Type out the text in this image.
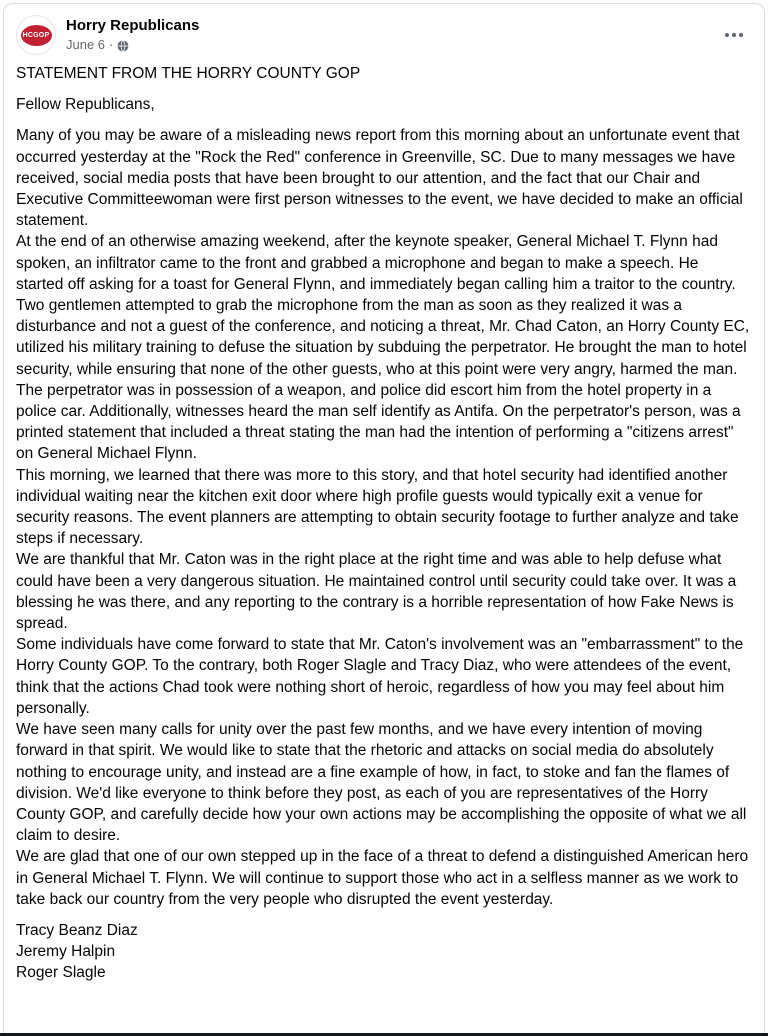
HCGOP
Horry Republicans
June 6 ·
STATEMENT FROM THE HORRY COUNTY GOP
Fellow Republicans,
Many of you may be aware of a misleading news report from this morning about an unfortunate event that occurred yesterday at the "Rock the Red" conference in Greenville, SC. Due to many messages we have received, social media posts that have been brought to our attention, and the fact that our Chair and Executive Committeewoman were first person witnesses to the event, we have decided to make an official statement.
At the end of an otherwise amazing weekend, after the keynote speaker, General Michael T. Flynn had spoken, an infiltrator came to the front and grabbed a microphone and began to make a speech. He started off asking for a toast for General Flynn, and immediately began calling him a traitor to the country. Two gentlemen attempted to grab the microphone from the man as soon as they realized it was a disturbance and not a guest of the conference, and noticing a threat, Mr. Chad Caton, an Horry County EC, utilized his military training to defuse the situation by subduing the perpetrator. He brought the man to hotel security, while ensuring that none of the other guests, who at this point were very angry, harmed the man. The perpetrator was in possession of a weapon, and police did escort him from the hotel property in a police car. Additionally, witnesses heard the man self identify as Antifa. On the perpetrator's person, was a printed statement that included a threat stating the man had the intention of performing a "citizens arrest" on General Michael Flynn.
This morning, we learned that there was more to this story, and that hotel security had identified another individual waiting near the kitchen exit door where high profile guests would typically exit a venue for security reasons. The event planners are attempting to obtain security footage to further analyze and take steps if necessary.
We are thankful that Mr. Caton was in the right place at the right time and was able to help defuse what could have been a very dangerous situation. He maintained control until security could take over. It was a blessing he was there, and any reporting to the contrary is a horrible representation of how Fake News is spread.
Some individuals have come forward to state that Mr. Caton's involvement was an "embarrassment" to the Horry County GOP. To the contrary, both Roger Slagle and Tracy Diaz, who were attendees of the event, think that the actions Chad took were nothing short of heroic, regardless of how you may feel about him personally.
We have seen many calls for unity over the past few months, and we have every intention of moving forward in that spirit. We would like to state that the rhetoric and attacks on social media do absolutely nothing to encourage unity, and instead are a fine example of how, in fact, to stoke and fan the flames of division. We'd like everyone to think before they post, as each of you are representatives of the Horry County GOP, and carefully decide how your own actions may be accomplishing the opposite of what we all claim to desire.
We are glad that one of our own stepped up in the face of a threat to defend a distinguished American hero in General Michael T. Flynn. We will continue to support those who act in a selfless manner as we work to take back our country from the very people who disrupted the event yesterday.
Tracy Beanz Diaz
Jeremy Halpin
Roger Slagle
